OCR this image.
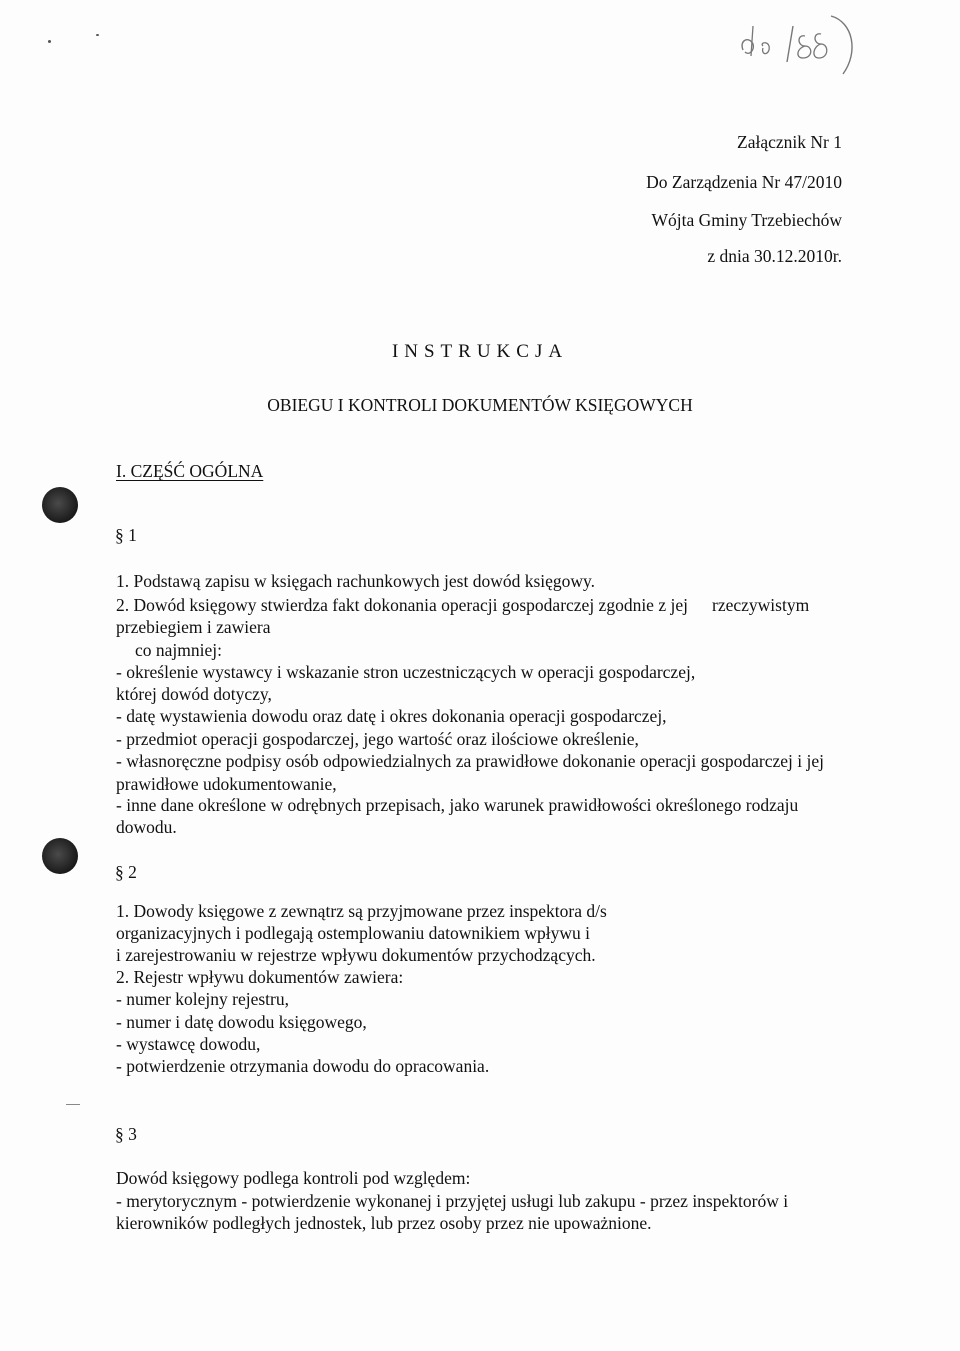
do 188
Załącznik Nr 1
Do Zarządzenia Nr 47/2010
Wójta Gminy Trzebiechów
z dnia 30.12.2010r.
INSTRUKCJA
OBIEGU I KONTROLI DOKUMENTÓW KSIĘGOWYCH
I. CZĘŚĆ OGÓLNA
§ 1
1. Podstawą zapisu w księgach rachunkowych jest dowód księgowy.
2. Dowód księgowy stwierdza fakt dokonania operacji gospodarczej zgodnie z jej rzeczywistym
przebiegiem i zawiera
co najmniej:
- określenie wystawcy i wskazanie stron uczestniczących w operacji gospodarczej,
której dowód dotyczy,
- datę wystawienia dowodu oraz datę i okres dokonania operacji gospodarczej,
- przedmiot operacji gospodarczej, jego wartość oraz ilościowe określenie,
- własnoręczne podpisy osób odpowiedzialnych za prawidłowe dokonanie operacji gospodarczej i jej
prawidłowe udokumentowanie,
- inne dane określone w odrębnych przepisach, jako warunek prawidłowości określonego rodzaju
dowodu.
§ 2
1. Dowody księgowe z zewnątrz są przyjmowane przez inspektora d/s
organizacyjnych i podlegają ostemplowaniu datownikiem wpływu i
i zarejestrowaniu w rejestrze wpływu dokumentów przychodzących.
2. Rejestr wpływu dokumentów zawiera:
- numer kolejny rejestru,
- numer i datę dowodu księgowego,
- wystawcę dowodu,
- potwierdzenie otrzymania dowodu do opracowania.
§ 3
Dowód księgowy podlega kontroli pod względem:
- merytorycznym - potwierdzenie wykonanej i przyjętej usługi lub zakupu - przez inspektorów i
kierowników podległych jednostek, lub przez osoby przez nie upoważnione.
